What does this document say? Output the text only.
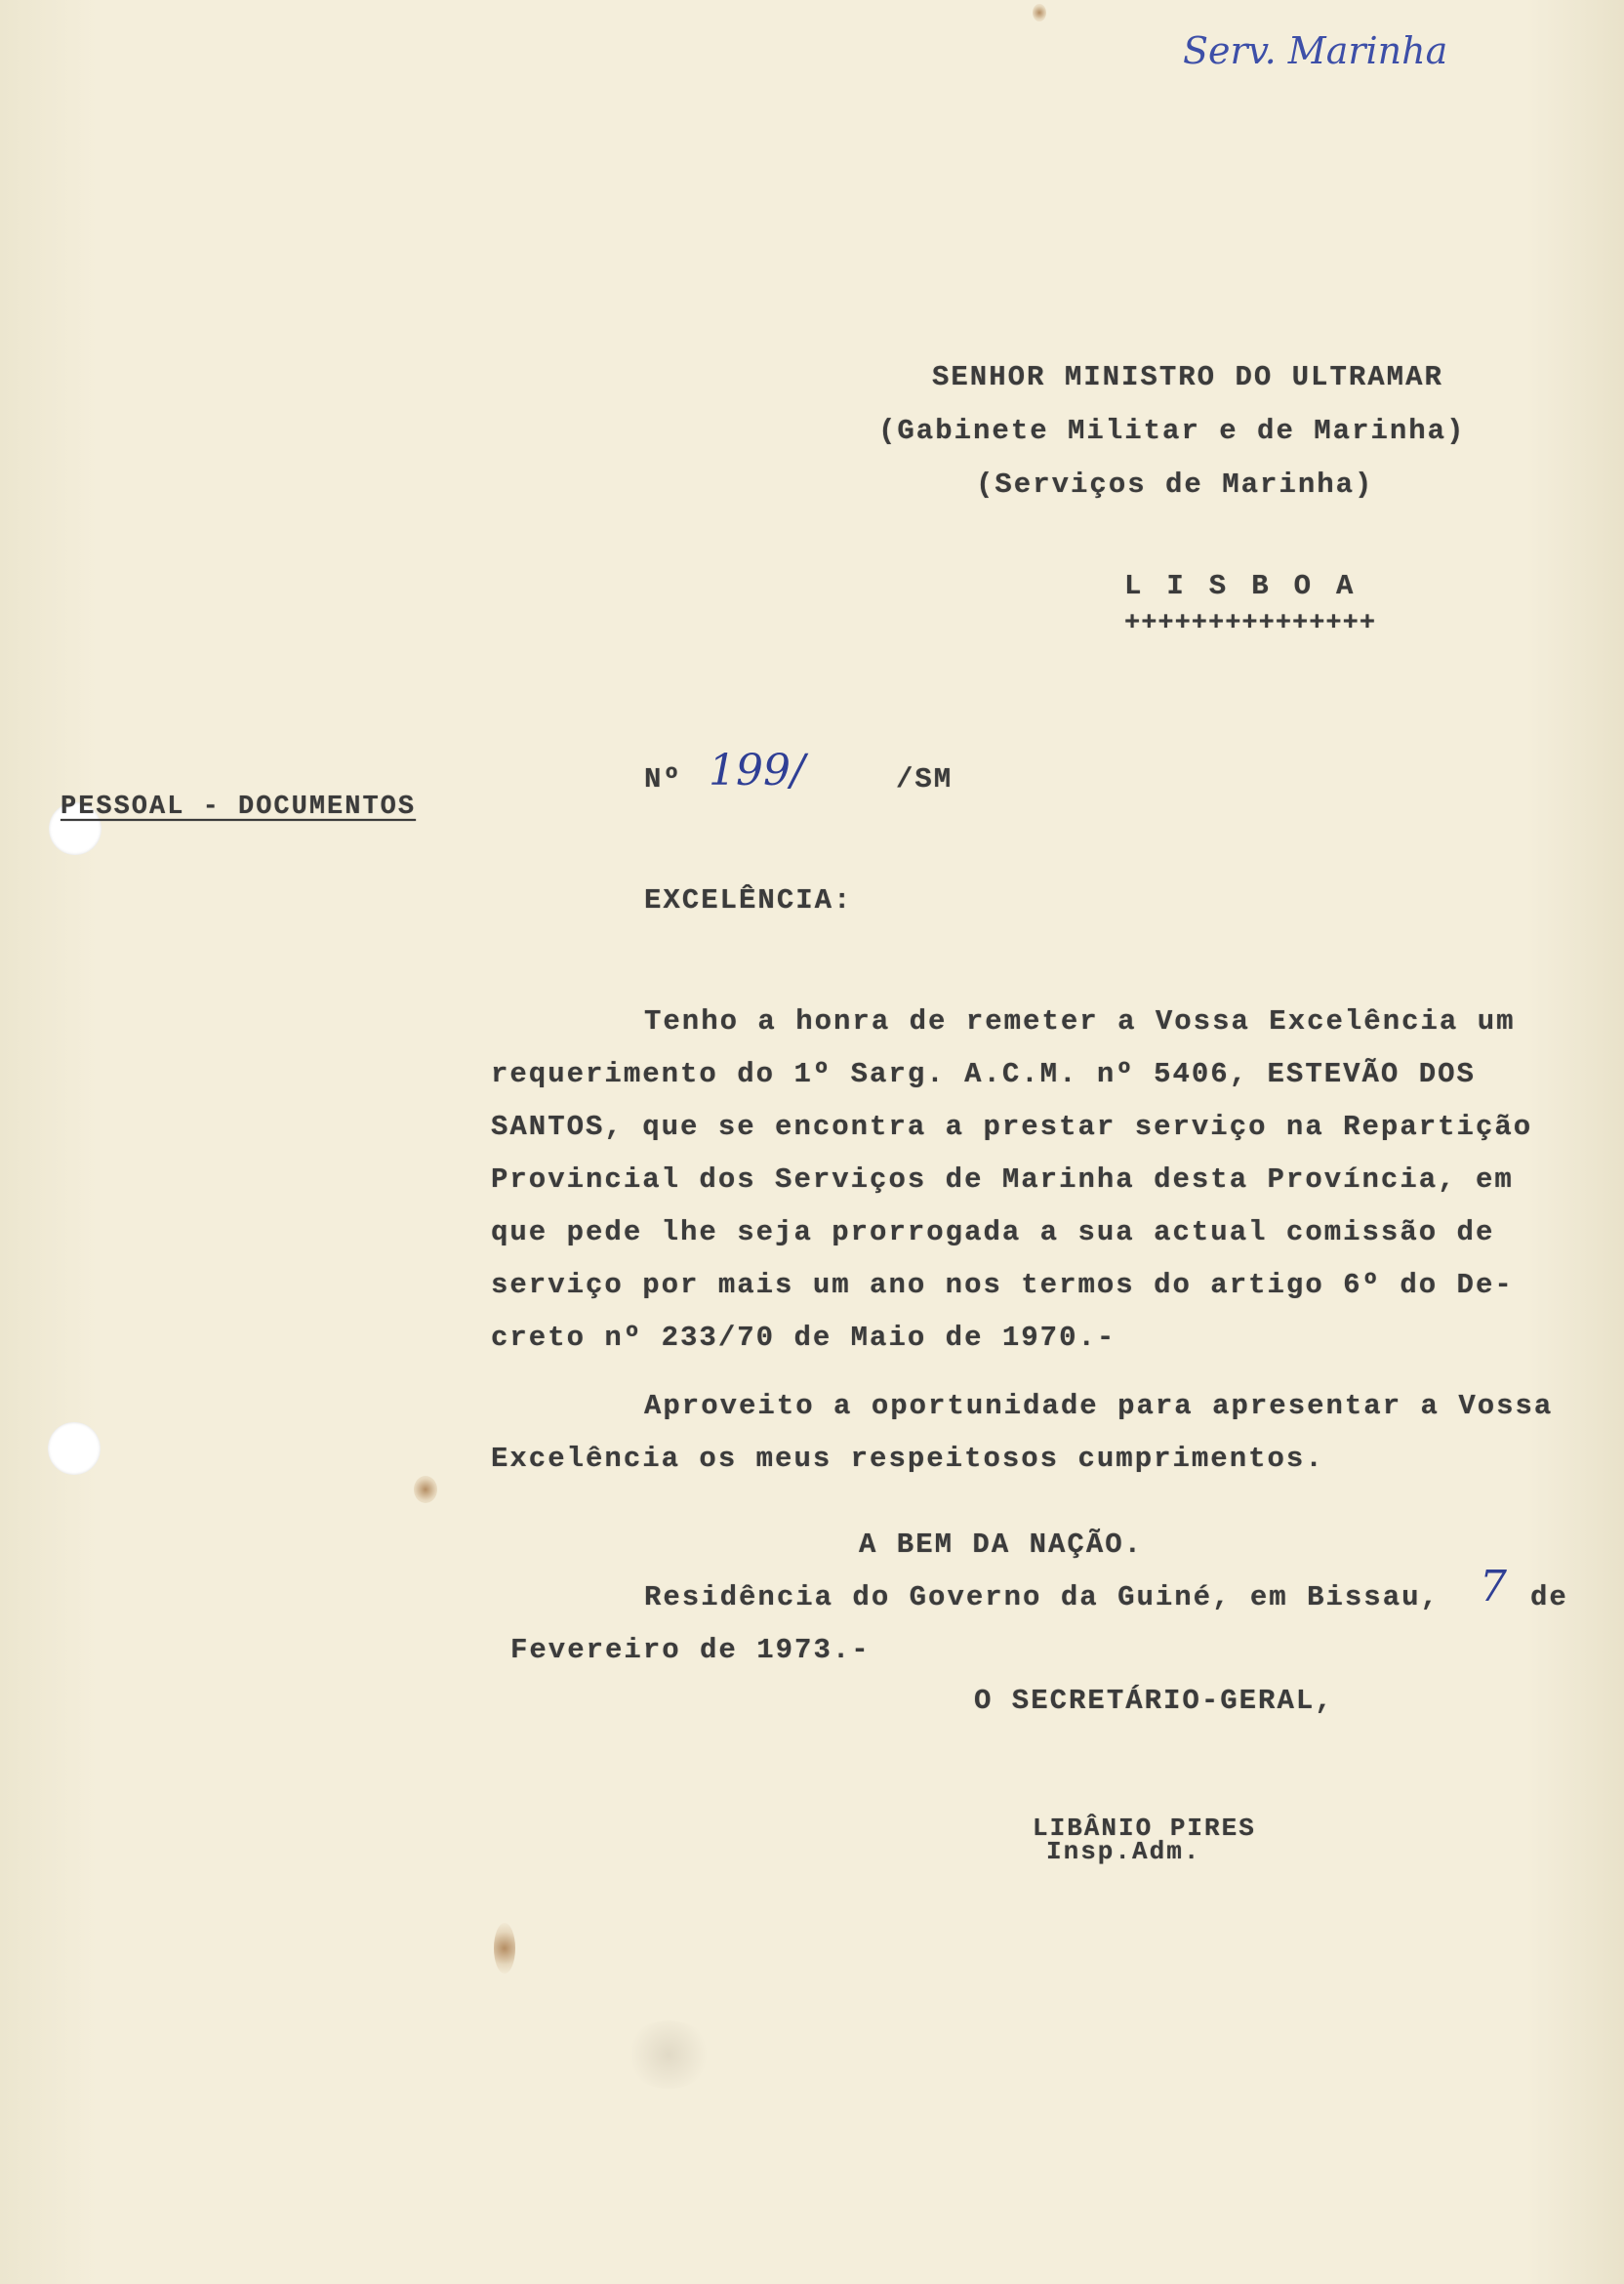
Serv. Marinha
SENHOR MINISTRO DO ULTRAMAR
(Gabinete Militar e de Marinha)
(Serviços de Marinha)
LISBOA
+++++++++++++++
PESSOAL - DOCUMENTOS
Nº 199/	/SM
EXCELÊNCIA:
Tenho a honra de remeter a Vossa Excelência um
requerimento do 1º Sarg. A.C.M. nº 5406, ESTEVÃO DOS
SANTOS, que se encontra a prestar serviço na Repartição
Provincial dos Serviços de Marinha desta Província, em
que pede lhe seja prorrogada a sua actual comissão de
serviço por mais um ano nos termos do artigo 6º do De-
creto nº 233/70 de Maio de 1970.-
Aproveito a oportunidade para apresentar a Vossa
Excelência os meus respeitosos cumprimentos.
A BEM DA NAÇÃO.
Residência do Governo da Guiné, em Bissau, 7 de
Fevereiro de 1973.-
O SECRETÁRIO-GERAL,
LIBÂNIO PIRES
Insp.Adm.
